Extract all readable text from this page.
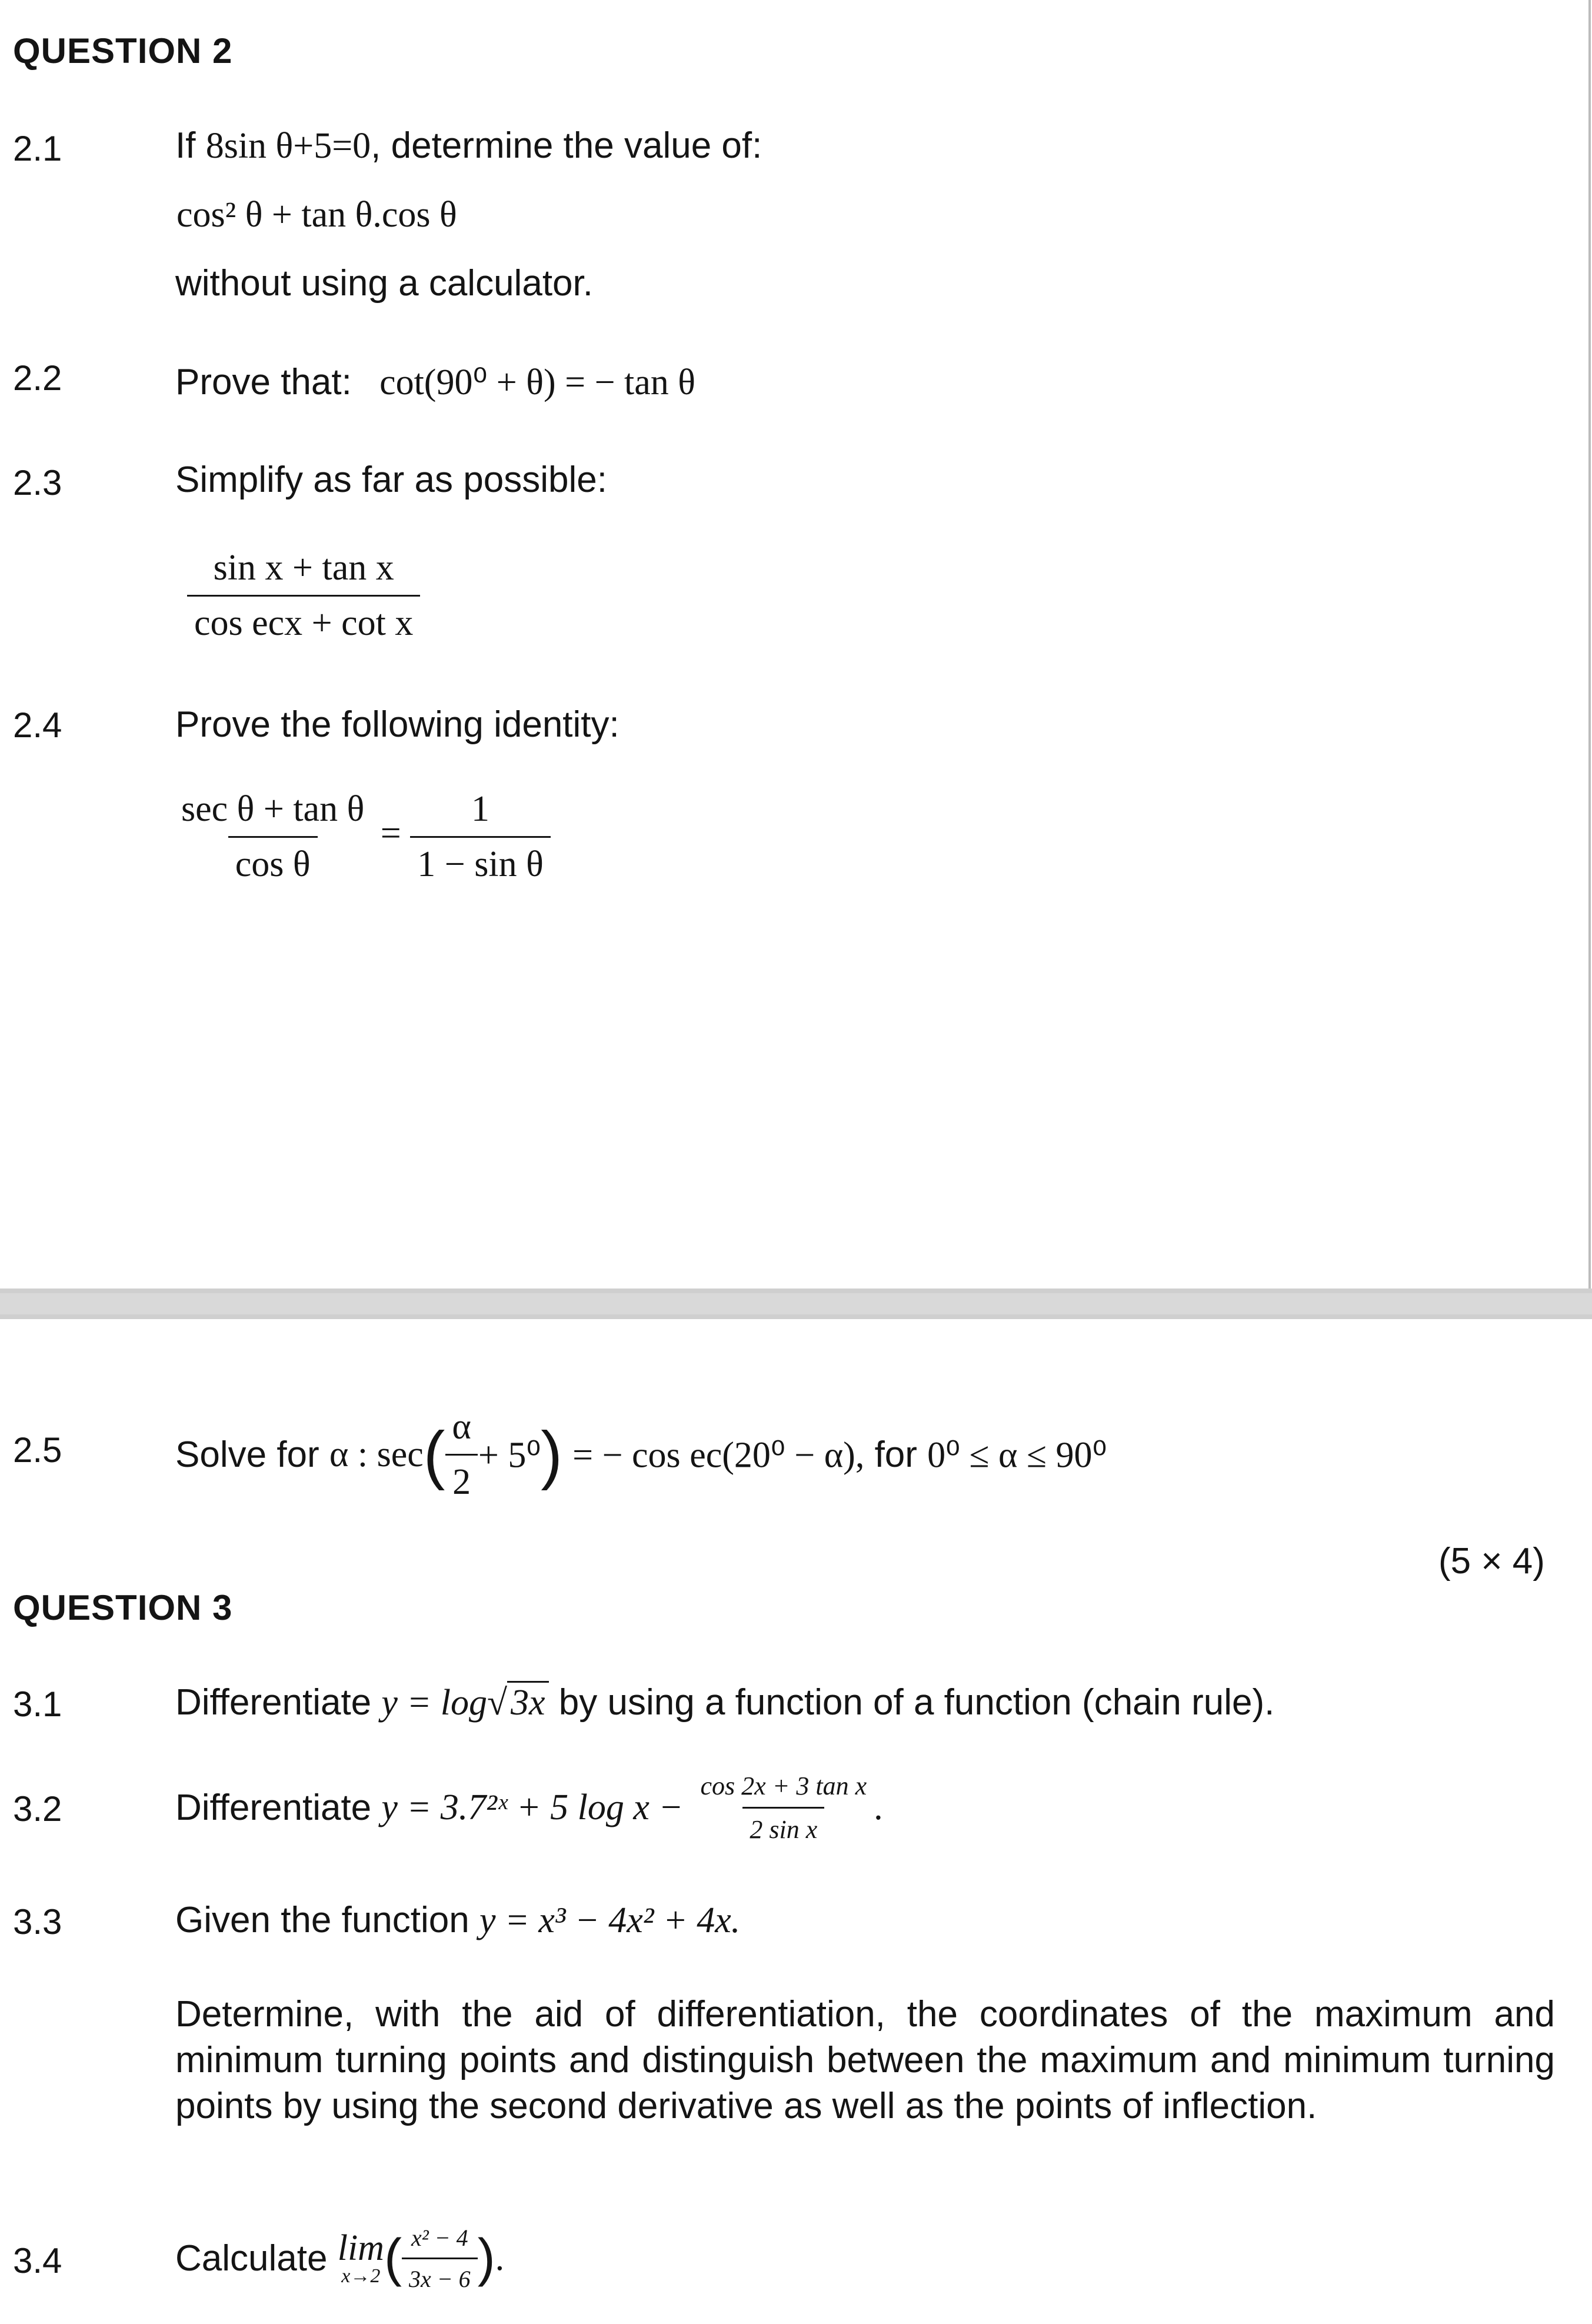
QUESTION 2
2.1	If 8sin θ+5=0, determine the value of:
cos² θ + tan θ.cos θ
without using a calculator.
2.2	Prove that: cot(90⁰ + θ) = − tan θ
2.3	Simplify as far as possible:
$\frac{\text{sin x + tan x}}{\text{cos ecx + cot x}}$
2.4	Prove the following identity:
$\frac{\text{sec θ + tan θ}}{\text{cos θ}} = \frac{1}{\text{1 − sin θ}}$
2.5	Solve for α : $\sec( \frac{\alpha}{2} + 5^0)$ = − cos ec(20⁰ − α), for 0⁰ ≤ α ≤ 90⁰
(5 × 4)
QUESTION 3
3.1	Differentiate y = log√3x by using a function of a function (chain rule).
3.2	Differentiate y = 3.7²ˣ + 5 $\log x - \frac{\text{cos 2x + 3 tan x}}{\text{2 sin x}}$ .
3.3	Given the function y = x³ − 4x² + 4x.
Determine, with the aid of differentiation, the coordinates of the maximum and minimum turning points and distinguish between the maximum and minimum turning points by using the second derivative as well as the points of inflection.
3.4	Calculate lim
x→2 ( $\frac{\text{x² − 4}}{3x - 6}$ ).
